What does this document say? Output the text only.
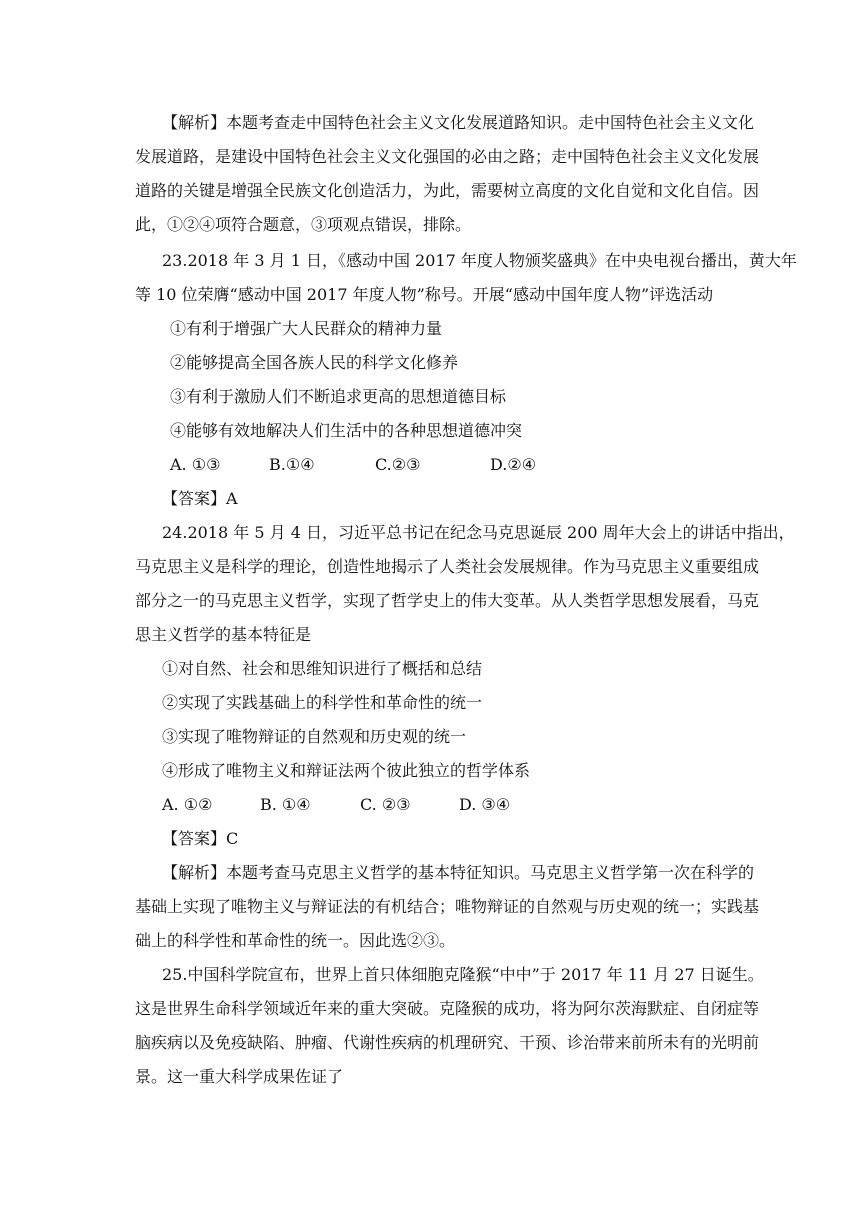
【解析】本题考查走中国特色社会主义文化发展道路知识。走中国特色社会主义文化
发展道路，是建设中国特色社会主义文化强国的必由之路；走中国特色社会主义文化发展
道路的关键是增强全民族文化创造活力，为此，需要树立高度的文化自觉和文化自信。因
此，①②④项符合题意，③项观点错误，排除。
23.2018 年 3 月 1 日，《感动中国 2017 年度人物颁奖盛典》在中央电视台播出，黄大年
等 10 位荣膺“感动中国 2017 年度人物”称号。开展“感动中国年度人物”评选活动
①有利于增强广大人民群众的精神力量
②能够提高全国各族人民的科学文化修养
③有利于激励人们不断追求更高的思想道德目标
④能够有效地解决人们生活中的各种思想道德冲突
A. ①③	B.①④	C.②③	D.②④
【答案】A
24.2018 年 5 月 4 日，习近平总书记在纪念马克思诞辰 200 周年大会上的讲话中指出，
马克思主义是科学的理论，创造性地揭示了人类社会发展规律。作为马克思主义重要组成
部分之一的马克思主义哲学，实现了哲学史上的伟大变革。从人类哲学思想发展看，马克
思主义哲学的基本特征是
①对自然、社会和思维知识进行了概括和总结
②实现了实践基础上的科学性和革命性的统一
③实现了唯物辩证的自然观和历史观的统一
④形成了唯物主义和辩证法两个彼此独立的哲学体系
A. ①②	B. ①④	C. ②③	D. ③④
【答案】C
【解析】本题考查马克思主义哲学的基本特征知识。马克思主义哲学第一次在科学的
基础上实现了唯物主义与辩证法的有机结合；唯物辩证的自然观与历史观的统一；实践基
础上的科学性和革命性的统一。因此选②③。
25.中国科学院宣布，世界上首只体细胞克隆猴“中中”于 2017 年 11 月 27 日诞生。
这是世界生命科学领域近年来的重大突破。克隆猴的成功，将为阿尔茨海默症、自闭症等
脑疾病以及免疫缺陷、肿瘤、代谢性疾病的机理研究、干预、诊治带来前所未有的光明前
景。这一重大科学成果佐证了
